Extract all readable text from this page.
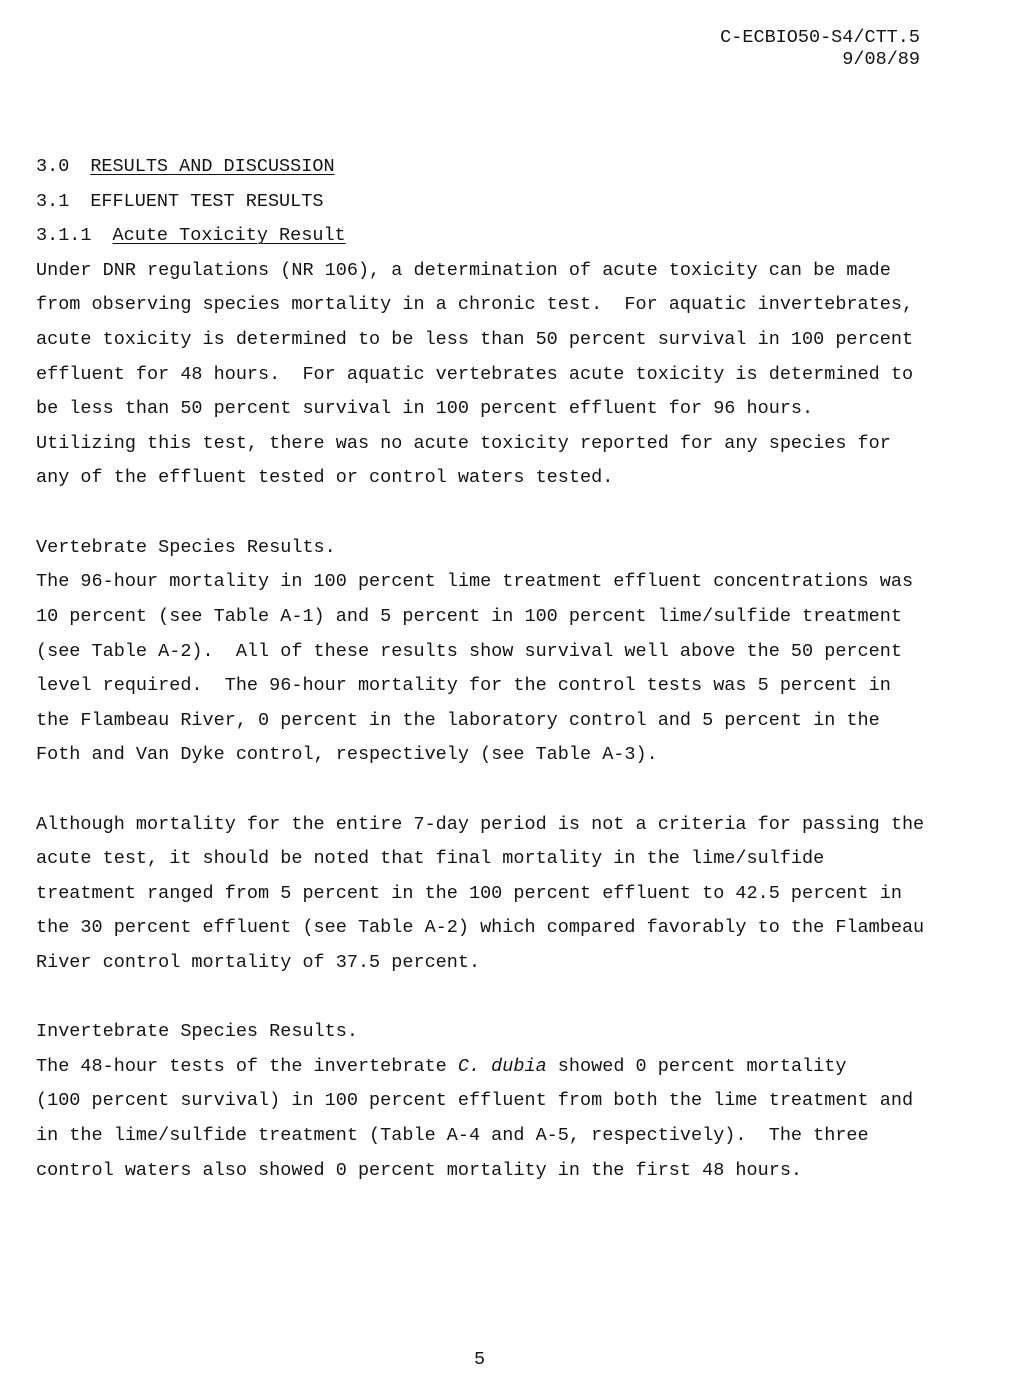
C-ECBIO50-S4/CTT.5
9/08/89
3.0 RESULTS AND DISCUSSION
3.1 EFFLUENT TEST RESULTS
3.1.1 Acute Toxicity Result
Under DNR regulations (NR 106), a determination of acute toxicity can be made
from observing species mortality in a chronic test.  For aquatic invertebrates,
acute toxicity is determined to be less than 50 percent survival in 100 percent
effluent for 48 hours.  For aquatic vertebrates acute toxicity is determined to
be less than 50 percent survival in 100 percent effluent for 96 hours.
Utilizing this test, there was no acute toxicity reported for any species for
any of the effluent tested or control waters tested.
Vertebrate Species Results.
The 96-hour mortality in 100 percent lime treatment effluent concentrations was
10 percent (see Table A-1) and 5 percent in 100 percent lime/sulfide treatment
(see Table A-2).  All of these results show survival well above the 50 percent
level required.  The 96-hour mortality for the control tests was 5 percent in
the Flambeau River, 0 percent in the laboratory control and 5 percent in the
Foth and Van Dyke control, respectively (see Table A-3).
Although mortality for the entire 7-day period is not a criteria for passing the
acute test, it should be noted that final mortality in the lime/sulfide
treatment ranged from 5 percent in the 100 percent effluent to 42.5 percent in
the 30 percent effluent (see Table A-2) which compared favorably to the Flambeau
River control mortality of 37.5 percent.
Invertebrate Species Results.
The 48-hour tests of the invertebrate C. dubia showed 0 percent mortality
(100 percent survival) in 100 percent effluent from both the lime treatment and
in the lime/sulfide treatment (Table A-4 and A-5, respectively).  The three
control waters also showed 0 percent mortality in the first 48 hours.
5
